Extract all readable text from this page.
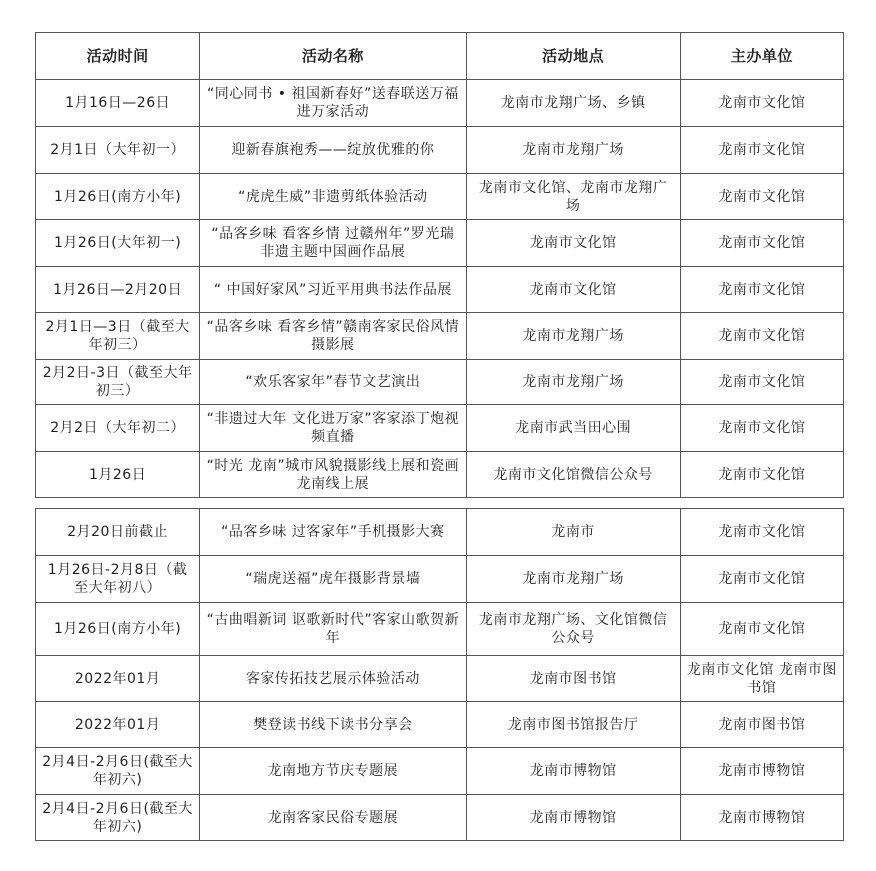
活动时间	活动名称	活动地点	主办单位
1月16日—26日	“同心同书 • 祖国新春好”送春联送万福进万家活动	龙南市龙翔广场、乡镇	龙南市文化馆
2月1日（大年初一）	迎新春旗袍秀——绽放优雅的你	龙南市龙翔广场	龙南市文化馆
1月26日(南方小年)	“虎虎生威”非遗剪纸体验活动	龙南市文化馆、龙南市龙翔广场	龙南市文化馆
1月26日(大年初一)	“品客乡味 看客乡情 过赣州年”罗光瑞非遗主题中国画作品展	龙南市文化馆	龙南市文化馆
1月26日—2月20日	“ 中国好家风”习近平用典书法作品展	龙南市文化馆	龙南市文化馆
2月1日—3日（截至大年初三）	“品客乡味 看客乡情”赣南客家民俗风情摄影展	龙南市龙翔广场	龙南市文化馆
2月2日-3日（截至大年初三）	“欢乐客家年”春节文艺演出	龙南市龙翔广场	龙南市文化馆
2月2日（大年初二）	“非遗过大年 文化进万家”客家添丁炮视频直播	龙南市武当田心围	龙南市文化馆
1月26日	“时光 龙南”城市风貌摄影线上展和瓷画龙南线上展	龙南市文化馆微信公众号	龙南市文化馆
2月20日前截止	“品客乡味 过客家年”手机摄影大赛	龙南市	龙南市文化馆
1月26日-2月8日（截至大年初八）	“瑞虎送福”虎年摄影背景墙	龙南市龙翔广场	龙南市文化馆
1月26日(南方小年)	“古曲唱新词 讴歌新时代”客家山歌贺新年	龙南市龙翔广场、文化馆微信公众号	龙南市文化馆
2022年01月	客家传拓技艺展示体验活动	龙南市图书馆	龙南市文化馆 龙南市图书馆
2022年01月	樊登读书线下读书分享会	龙南市图书馆报告厅	龙南市图书馆
2月4日-2月6日(截至大年初六)	龙南地方节庆专题展	龙南市博物馆	龙南市博物馆
2月4日-2月6日(截至大年初六)	龙南客家民俗专题展	龙南市博物馆	龙南市博物馆
